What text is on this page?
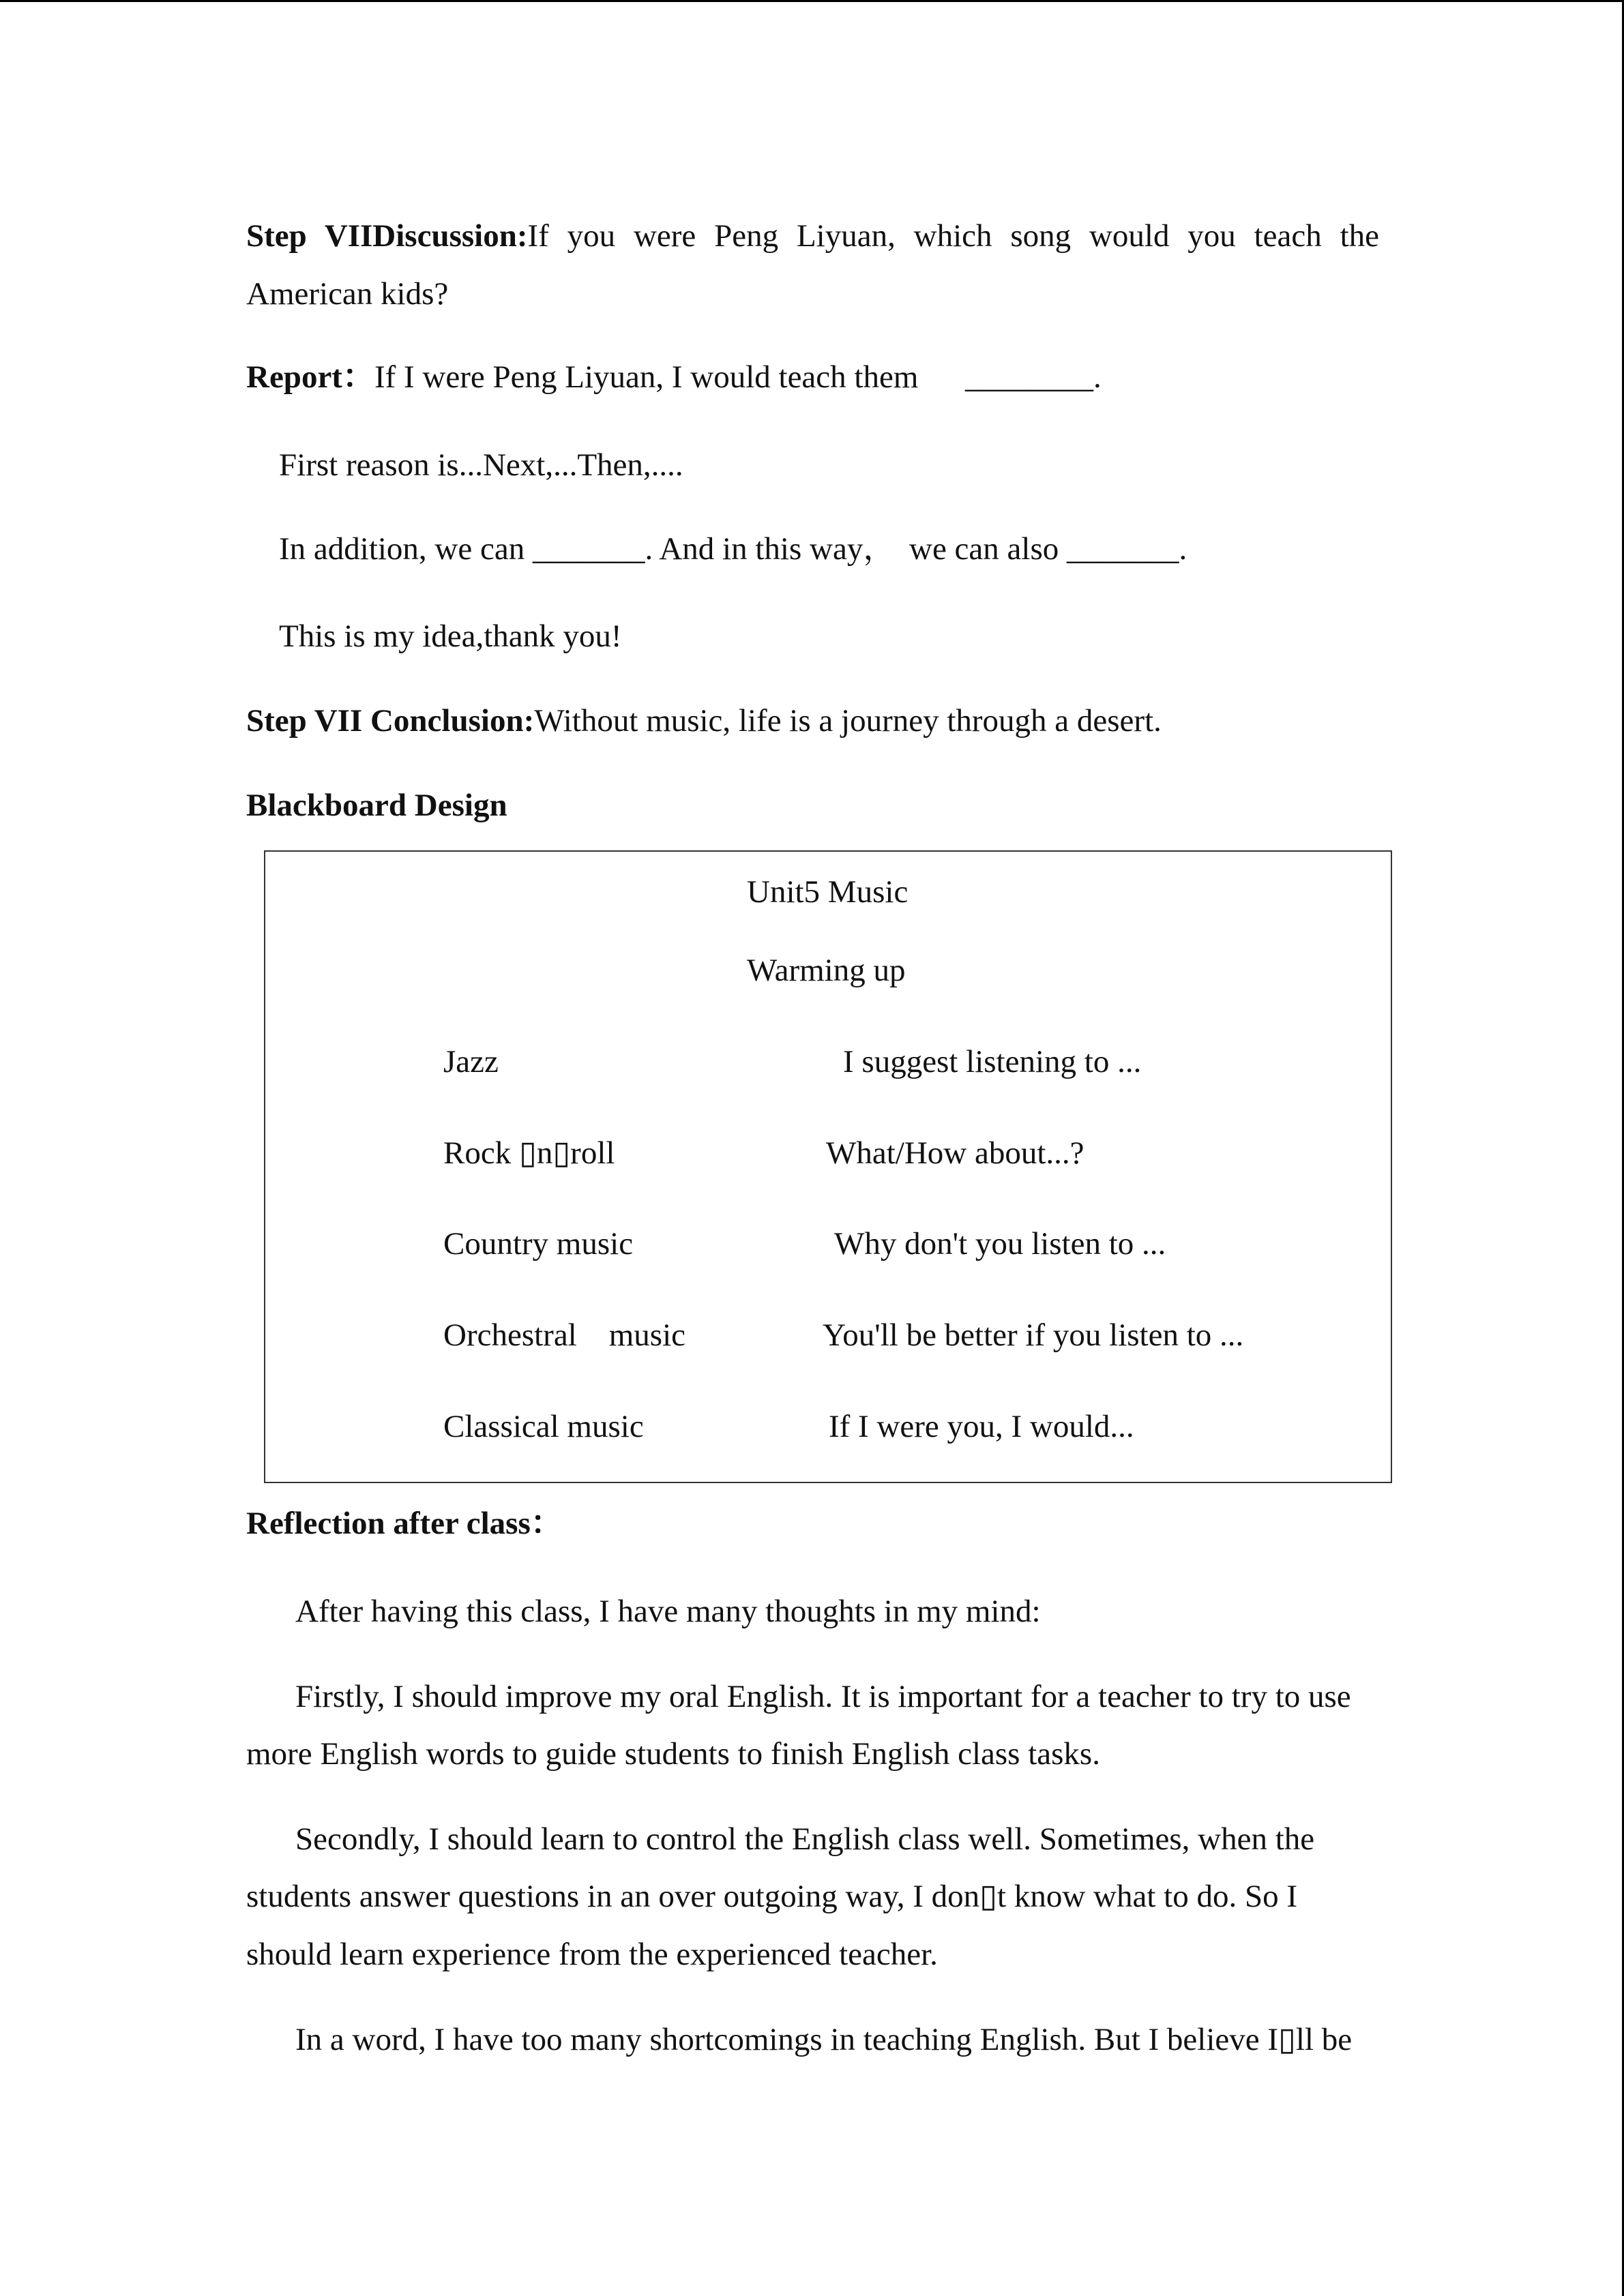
Step VIIDiscussion:If you were Peng Liyuan, which song would you teach the
American kids?
Report：If I were Peng Liyuan, I would teach them ________.
First reason is...Next,...Then,....
In addition, we can _______. And in this way， we can also _______.
This is my idea,thank you!
Step VII Conclusion:Without music, life is a journey through a desert.
Blackboard Design
Unit5 Music
Warming up
Jazz
Rock ▯n▯roll
Country music
Orchestral    music
Classical music
I suggest listening to ...
What/How about...?
Why don't you listen to ...
You'll be better if you listen to ...
If I were you, I would...
Reflection after class：
After having this class, I have many thoughts in my mind:
Firstly, I should improve my oral English. It is important for a teacher to try to use
more English words to guide students to finish English class tasks.
Secondly, I should learn to control the English class well. Sometimes, when the
students answer questions in an over outgoing way, I don▯t know what to do. So I
should learn experience from the experienced teacher.
In a word, I have too many shortcomings in teaching English. But I believe I▯ll be
